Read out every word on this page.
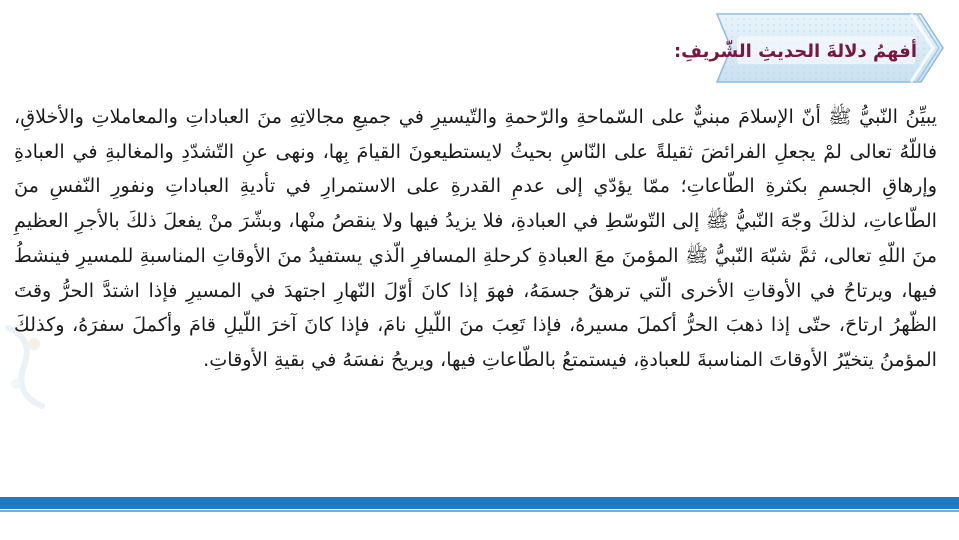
أفهمُ دلالةَ الحديثِ الشّريفِ:

يبيِّنُ النّبيُّ ﷺ أنّ الإسلامَ مبنيٌّ على السّماحةِ والرّحمةِ والتّيسيرِ في جميعِ مجالاتِهِ منَ العباداتِ والمعاملاتِ والأخلاقِ، فاللّهُ تعالى لمْ يجعلِ الفرائضَ ثقيلةً على النّاسِ بحيثُ لايستطيعونَ القيامَ بِها، ونهى عنِ التّشدّدِ والمغالبةِ في العبادةِ وإرهاقِ الجسمِ بكثرةِ الطّاعاتِ؛ ممّا يؤدّي إلى عدمِ القدرةِ على الاستمرارِ في تأديةِ العباداتِ ونفورِ النّفسِ منَ الطّاعاتِ، لذلكَ وجّهَ النّبيُّ ﷺ إلى التّوسّطِ في العبادةِ، فلا يزيدُ فيها ولا ينقصُ منْها، وبشّرَ منْ يفعلَ ذلكَ بالأجرِ العظيمِ منَ اللّهِ تعالى، ثمَّ شبّهَ النّبيُّ ﷺ المؤمنَ معَ العبادةِ كرحلةِ المسافرِ الّذي يستفيدُ منَ الأوقاتِ المناسبةِ للمسيرِ فينشطُ فيها، ويرتاحُ في الأوقاتِ الأخرى الّتي ترهقُ جسمَهُ، فهوَ إذا كانَ أوّلَ النّهارِ اجتهدَ في المسيرِ فإذا اشتدَّ الحرُّ وقتَ الظّهرُ ارتاحَ، حتّى إذا ذهبَ الحرُّ أكملَ مسيرهُ، فإذا تَعِبَ منَ اللّيلِ نامَ، فإذا كانَ آخرَ اللّيلِ قامَ وأكملَ سفرَهُ، وكذلكَ المؤمنُ يتخيّرُ الأوقاتَ المناسبةَ للعبادةِ، فيستمتعُ بالطّاعاتِ فيها، ويريحُ نفسَهُ في بقيةِ الأوقاتِ.
